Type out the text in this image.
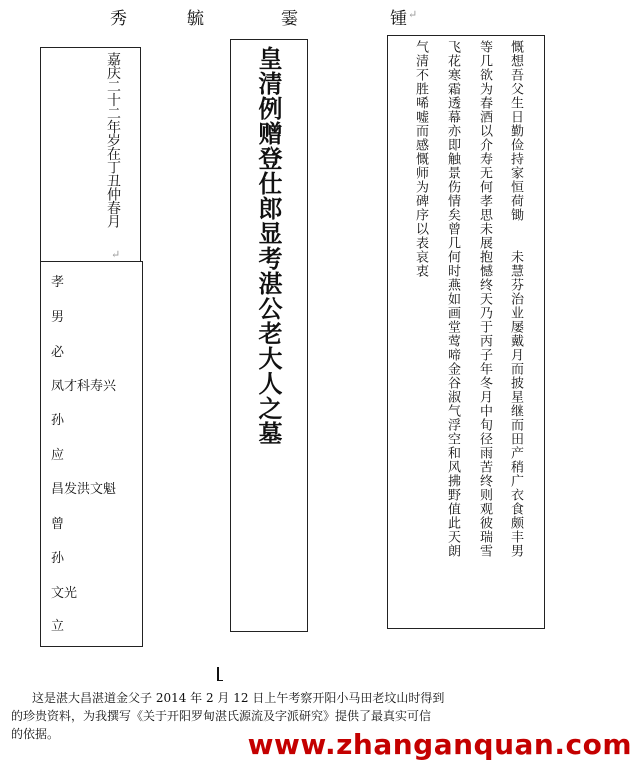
秀	毓	霎	锺 ↵
嘉庆二十二年岁在丁丑仲春月
↵
孝
男
必
凤才科寿兴
孙
应
昌发洪文魁
曾
孙
文光
立
皇清例赠登仕郎显考湛公老大人之墓	慨想吾父生日勤俭持家恒荷锄　　未慧芬治业屡戴月而披星继而田产稍广衣食颇丰男
等几欲为春酒以介寿无何孝思未展抱憾终天乃于丙子年冬月中旬径雨苦终则观彼瑞雪
飞花寒霜透幕亦即触景伤情矣曾几何时燕如画堂莺啼金谷淑气浮空和风拂野值此天朗
气清不胜唏嘘而感慨师为碑序以表哀衷
这是湛大昌湛道金父子 2014 年 2 月 12 日上午考察开阳小马田老坟山时得到
的珍贵资料，为我撰写《关于开阳罗甸湛氏源流及字派研究》提供了最真实可信
的依据。	www.zhanganquan.com
